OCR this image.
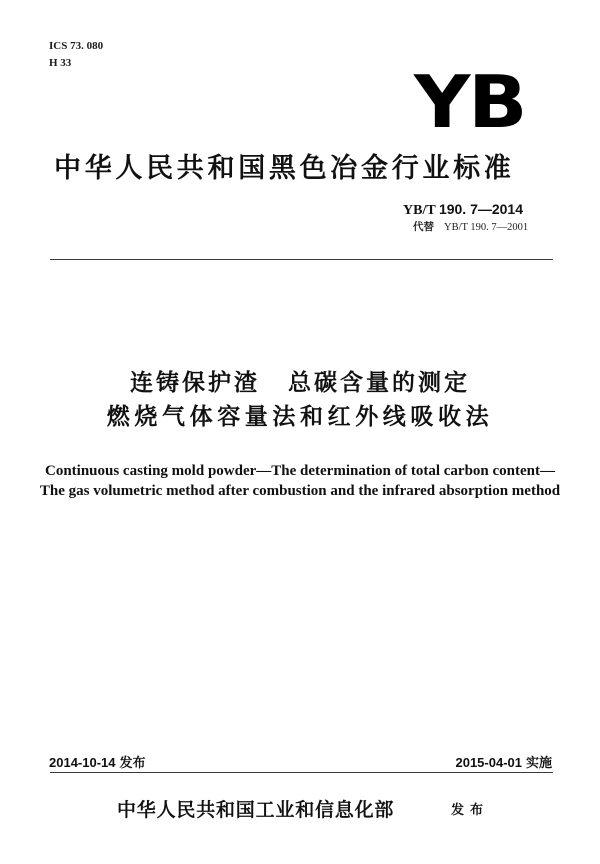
ICS 73. 080
H 33	YB
中华人民共和国黑色冶金行业标准
YB/T 190. 7—2014
代替 YB/T 190. 7—2001
连铸保护渣 总碳含量的测定
燃烧气体容量法和红外线吸收法
Continuous casting mold powder—The determination of total carbon content—
The gas volumetric method after combustion and the infrared absorption method
2014-10-14 发布	2015-04-01 实施
中华人民共和国工业和信息化部	发布
